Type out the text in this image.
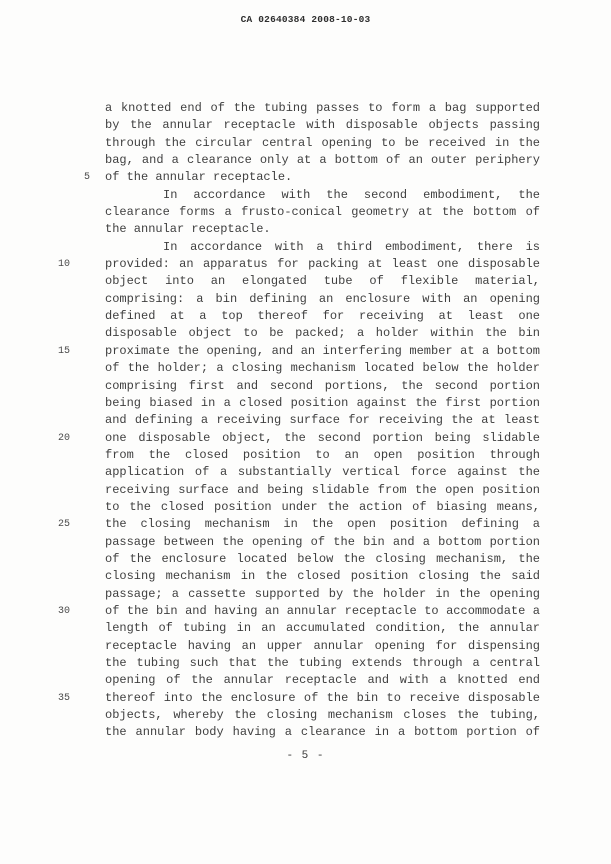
CA 02640384 2008-10-03
a knotted end of the tubing passes to form a bag supported
by the annular receptacle with disposable objects passing
through the circular central opening to be received in the
bag, and a clearance only at a bottom of an outer periphery
5 of the annular receptacle.
In accordance with the second embodiment, the
clearance forms a frusto-conical geometry at the bottom of
the annular receptacle.
In accordance with a third embodiment, there is
10	provided: an apparatus for packing at least one disposable
object into an elongated tube of flexible material,
comprising: a bin defining an enclosure with an opening
defined at a top thereof for receiving at least one
disposable object to be packed; a holder within the bin
15	proximate the opening, and an interfering member at a bottom
of the holder; a closing mechanism located below the holder
comprising first and second portions, the second portion
being biased in a closed position against the first portion
and defining a receiving surface for receiving the at least
20	one disposable object, the second portion being slidable
from the closed position to an open position through
application of a substantially vertical force against the
receiving surface and being slidable from the open position
to the closed position under the action of biasing means,
25	the closing mechanism in the open position defining a
passage between the opening of the bin and a bottom portion
of the enclosure located below the closing mechanism, the
closing mechanism in the closed position closing the said
passage; a cassette supported by the holder in the opening
30	of the bin and having an annular receptacle to accommodate a
length of tubing in an accumulated condition, the annular
receptacle having an upper annular opening for dispensing
the tubing such that the tubing extends through a central
opening of the annular receptacle and with a knotted end
35	thereof into the enclosure of the bin to receive disposable
objects, whereby the closing mechanism closes the tubing,
the annular body having a clearance in a bottom portion of
- 5 -
